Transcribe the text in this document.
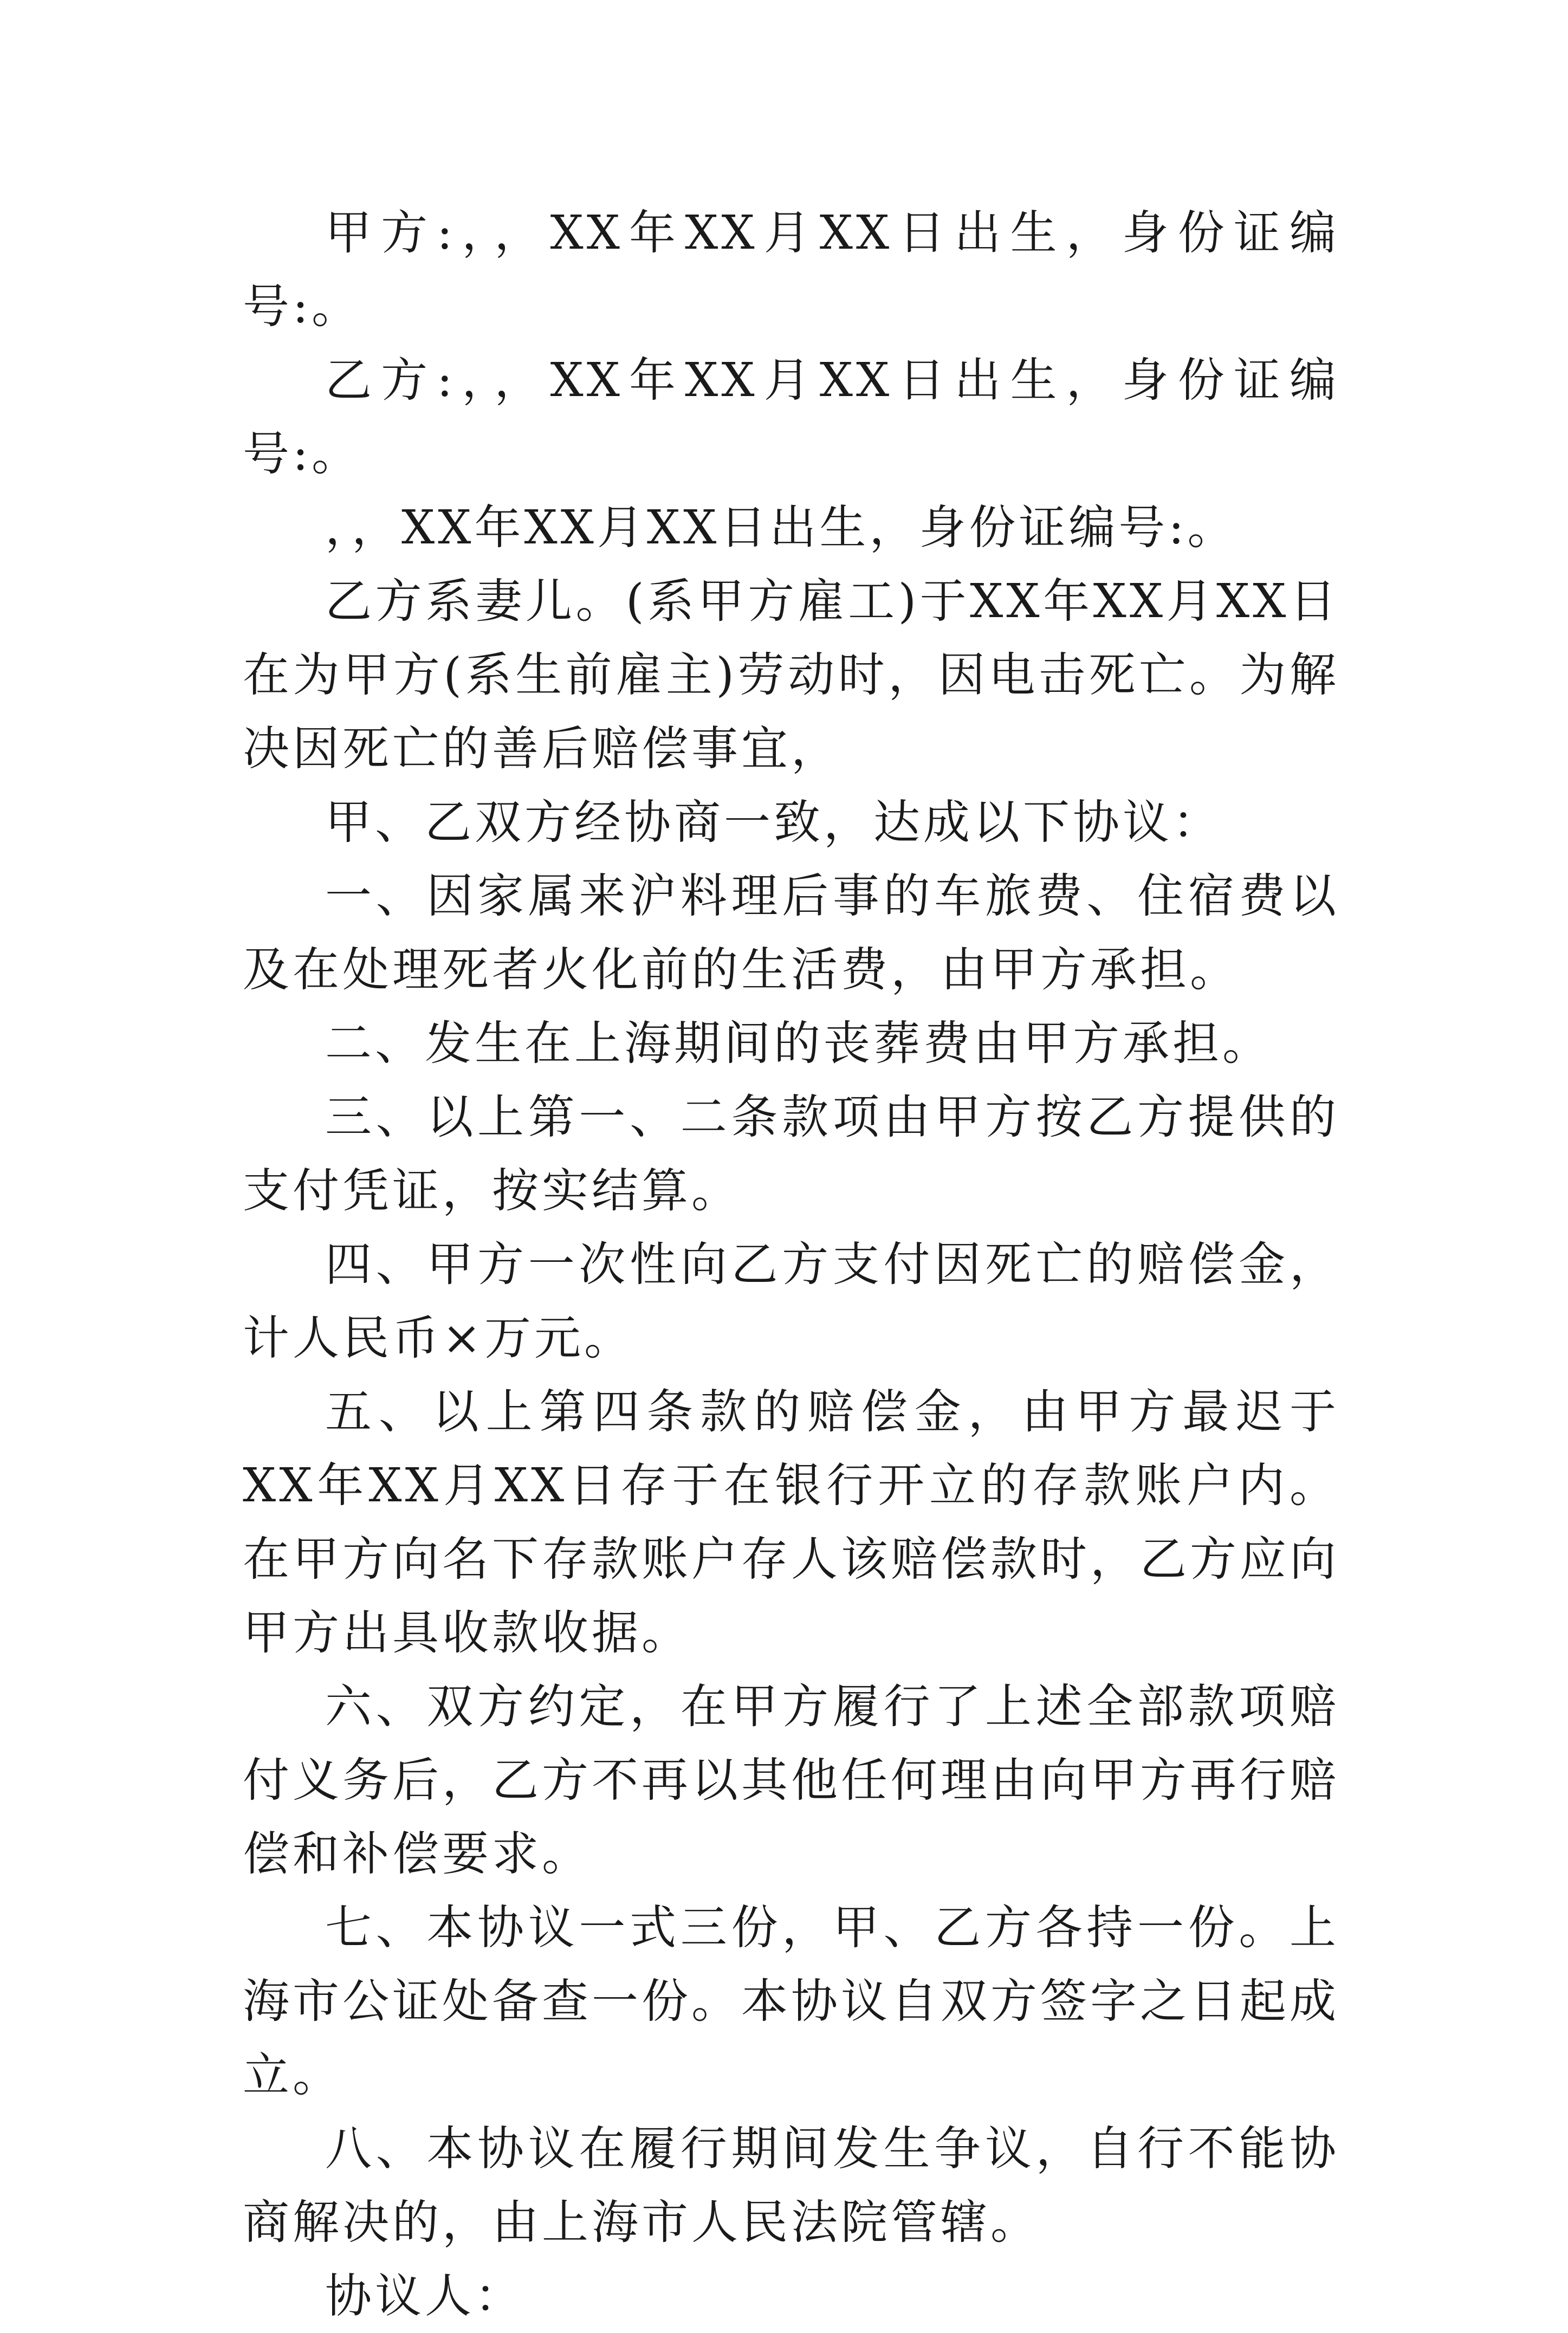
甲方:，，XX年XX月XX日出生，身份证编号:。

乙方:，，XX年XX月XX日出生，身份证编号:。

，，XX年XX月XX日出生，身份证编号:。

乙方系妻儿。(系甲方雇工)于XX年XX月XX日在为甲方(系生前雇主)劳动时，因电击死亡。为解决因死亡的善后赔偿事宜，

甲、乙双方经协商一致，达成以下协议：

一、因家属来沪料理后事的车旅费、住宿费以及在处理死者火化前的生活费，由甲方承担。

二、发生在上海期间的丧葬费由甲方承担。

三、以上第一、二条款项由甲方按乙方提供的支付凭证，按实结算。

四、甲方一次性向乙方支付因死亡的赔偿金，计人民币×万元。

五、以上第四条款的赔偿金，由甲方最迟于XX年XX月XX日存于在银行开立的存款账户内。在甲方向名下存款账户存人该赔偿款时，乙方应向甲方出具收款收据。

六、双方约定，在甲方履行了上述全部款项赔付义务后，乙方不再以其他任何理由向甲方再行赔偿和补偿要求。

七、本协议一式三份，甲、乙方各持一份。上海市公证处备查一份。本协议自双方签字之日起成立。

八、本协议在履行期间发生争议，自行不能协商解决的，由上海市人民法院管辖。

协议人：
